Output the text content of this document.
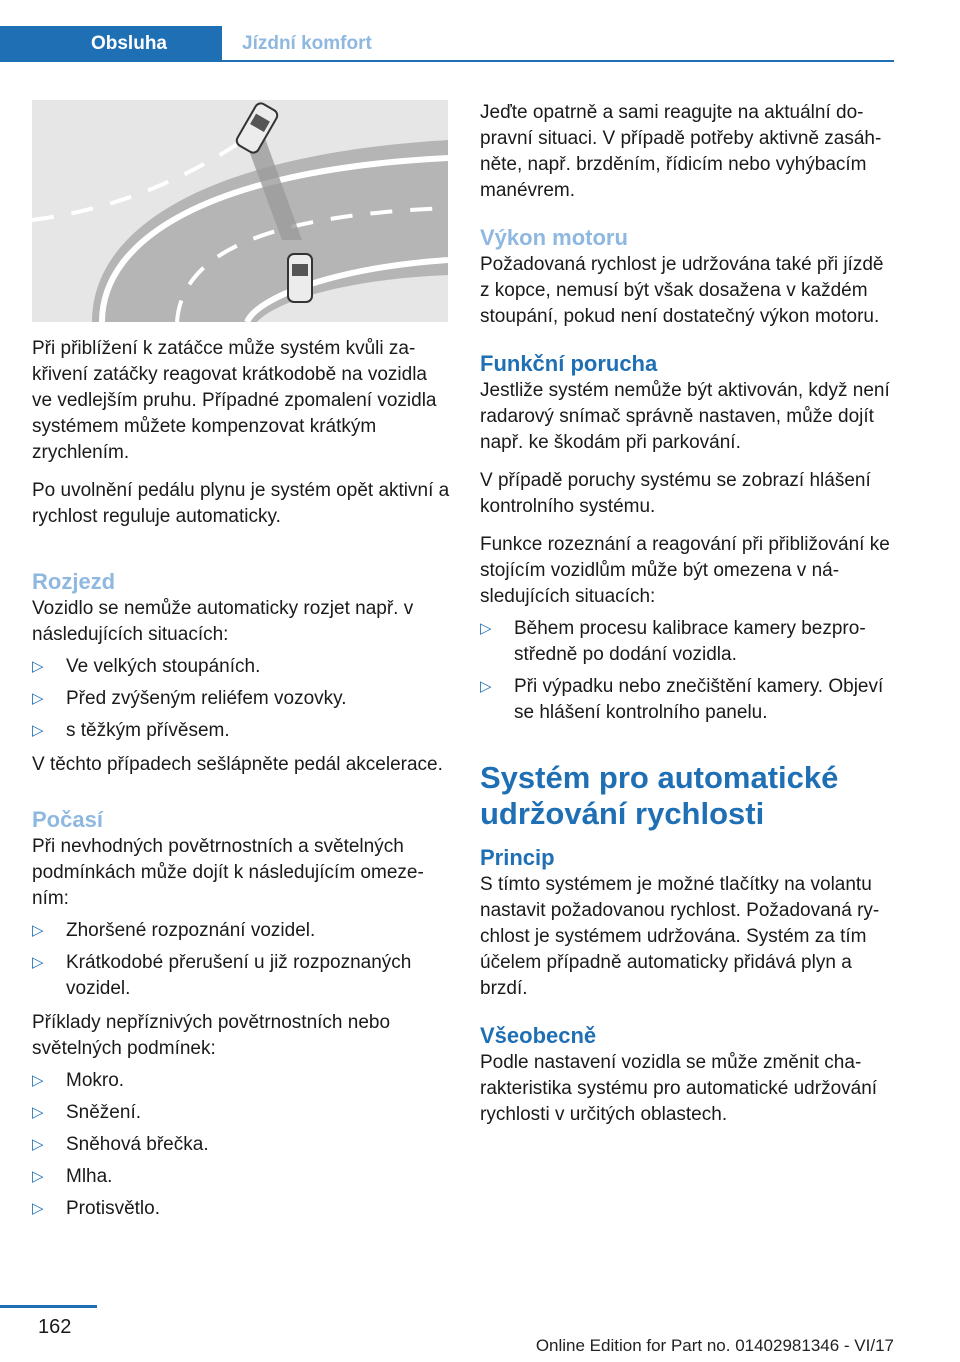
Obsluha	Jízdní komfort

Při přiblížení k zatáčce může systém kvůli zakřivení zatáčky reagovat krátkodobě na vozidla ve vedlejším pruhu. Případné zpomalení vozidla systémem můžete kompenzovat krátkým zrychlením.

Po uvolnění pedálu plynu je systém opět aktivní a rychlost reguluje automaticky.

Rozjezd

Vozidlo se nemůže automaticky rozjet např. v následujících situacích:

▷ Ve velkých stoupáních.
▷ Před zvýšeným reliéfem vozovky.
▷ s těžkým přívěsem.

V těchto případech sešlápněte pedál akcelerace.

Počasí

Při nevhodných povětrnostních a světelných podmínkách může dojít k následujícím omezením:

▷ Zhoršené rozpoznání vozidel.
▷ Krátkodobé přerušení u již rozpoznaných vozidel.

Příklady nepříznivých povětrnostních nebo světelných podmínek:

▷ Mokro.
▷ Sněžení.
▷ Sněhová břečka.
▷ Mlha.
▷ Protisvětlo.

Jeďte opatrně a sami reagujte na aktuální dopravní situaci. V případě potřeby aktivně zasáhněte, např. brzděním, řídicím nebo vyhýbacím manévrem.

Výkon motoru

Požadovaná rychlost je udržována také při jízdě z kopce, nemusí být však dosažena v každém stoupání, pokud není dostatečný výkon motoru.

Funkční porucha

Jestliže systém nemůže být aktivován, když není radarový snímač správně nastaven, může dojít např. ke škodám při parkování.

V případě poruchy systému se zobrazí hlášení kontrolního systému.

Funkce rozeznání a reagování při přibližování ke stojícím vozidlům může být omezena v následujících situacích:

▷ Během procesu kalibrace kamery bezprostředně po dodání vozidla.
▷ Při výpadku nebo znečištění kamery. Objeví se hlášení kontrolního panelu.
Systém pro automatické udržování rychlosti
Princip

S tímto systémem je možné tlačítky na volantu nastavit požadovanou rychlost. Požadovaná rychlost je systémem udržována. Systém za tím účelem případně automaticky přidává plyn a brzdí.

Všeobecně

Podle nastavení vozidla se může změnit charakteristika systému pro automatické udržování rychlosti v určitých oblastech.

162
Online Edition for Part no. 01402981346 - VI/17
